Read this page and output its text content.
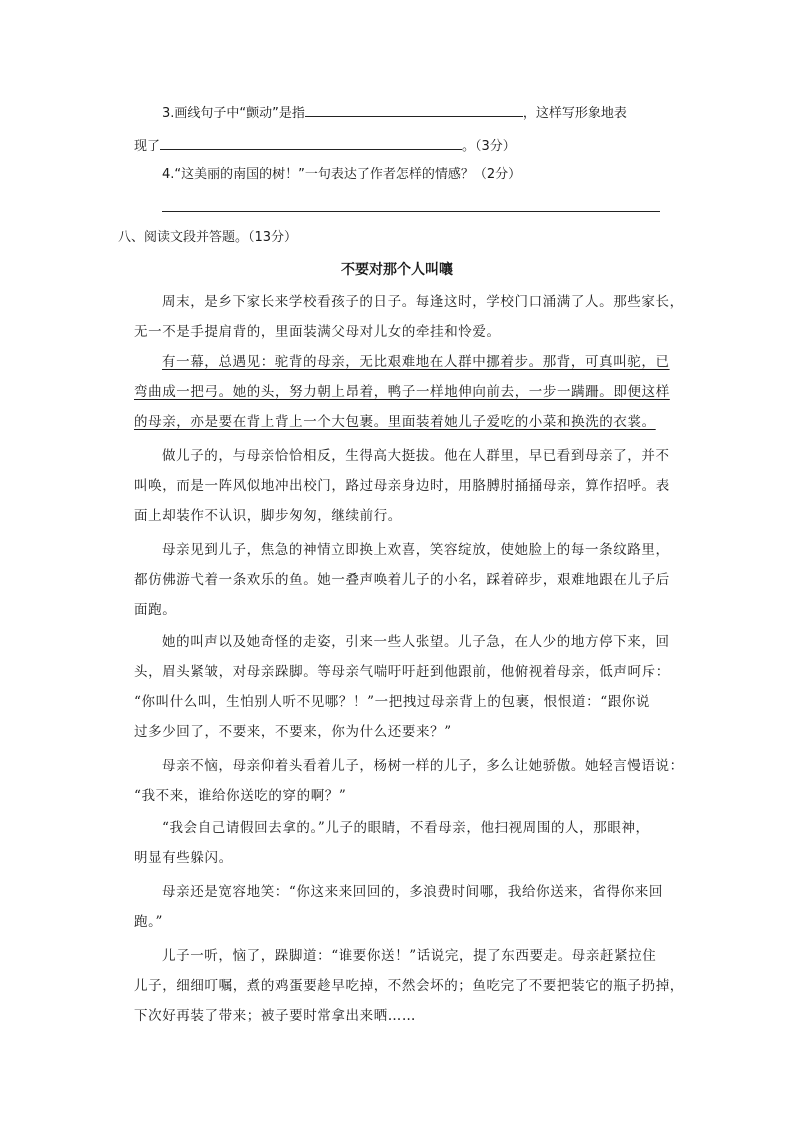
3.画线句子中“颤动”是指	，这样写形象地表
现了	。（3分）
4.“这美丽的南国的树！”一句表达了作者怎样的情感？（2分）
八、阅读文段并答题。（13分）
不要对那个人叫嚷
周末，是乡下家长来学校看孩子的日子。每逢这时，学校门口涌满了人。那些家长，
无一不是手提肩背的，里面装满父母对儿女的牵挂和怜爱。
有一幕，总遇见：驼背的母亲，无比艰难地在人群中挪着步。那背，可真叫驼，已
弯曲成一把弓。她的头，努力朝上昂着，鸭子一样地伸向前去，一步一蹒跚。即便这样
的母亲，亦是要在背上背上一个大包裹。里面装着她儿子爱吃的小菜和换洗的衣裳。
做儿子的，与母亲恰恰相反，生得高大挺拔。他在人群里，早已看到母亲了，并不
叫唤，而是一阵风似地冲出校门，路过母亲身边时，用胳膊肘捅捅母亲，算作招呼。表
面上却装作不认识，脚步匆匆，继续前行。
母亲见到儿子，焦急的神情立即换上欢喜，笑容绽放，使她脸上的每一条纹路里，
都仿佛游弋着一条欢乐的鱼。她一叠声唤着儿子的小名，踩着碎步，艰难地跟在儿子后
面跑。
她的叫声以及她奇怪的走姿，引来一些人张望。儿子急，在人少的地方停下来，回
头，眉头紧皱，对母亲跺脚。等母亲气喘吁吁赶到他跟前，他俯视着母亲，低声呵斥：
“你叫什么叫，生怕别人听不见哪？！”一把拽过母亲背上的包裹，恨恨道：“跟你说
过多少回了，不要来，不要来，你为什么还要来？”
母亲不恼，母亲仰着头看着儿子，杨树一样的儿子，多么让她骄傲。她轻言慢语说：
“我不来，谁给你送吃的穿的啊？”
“我会自己请假回去拿的。”儿子的眼睛，不看母亲，他扫视周围的人，那眼神，
明显有些躲闪。
母亲还是宽容地笑：“你这来来回回的，多浪费时间哪，我给你送来，省得你来回
跑。”
儿子一听，恼了，跺脚道：“谁要你送！”话说完，提了东西要走。母亲赶紧拉住
儿子，细细叮嘱，煮的鸡蛋要趁早吃掉，不然会坏的；鱼吃完了不要把装它的瓶子扔掉，
下次好再装了带来；被子要时常拿出来晒……
